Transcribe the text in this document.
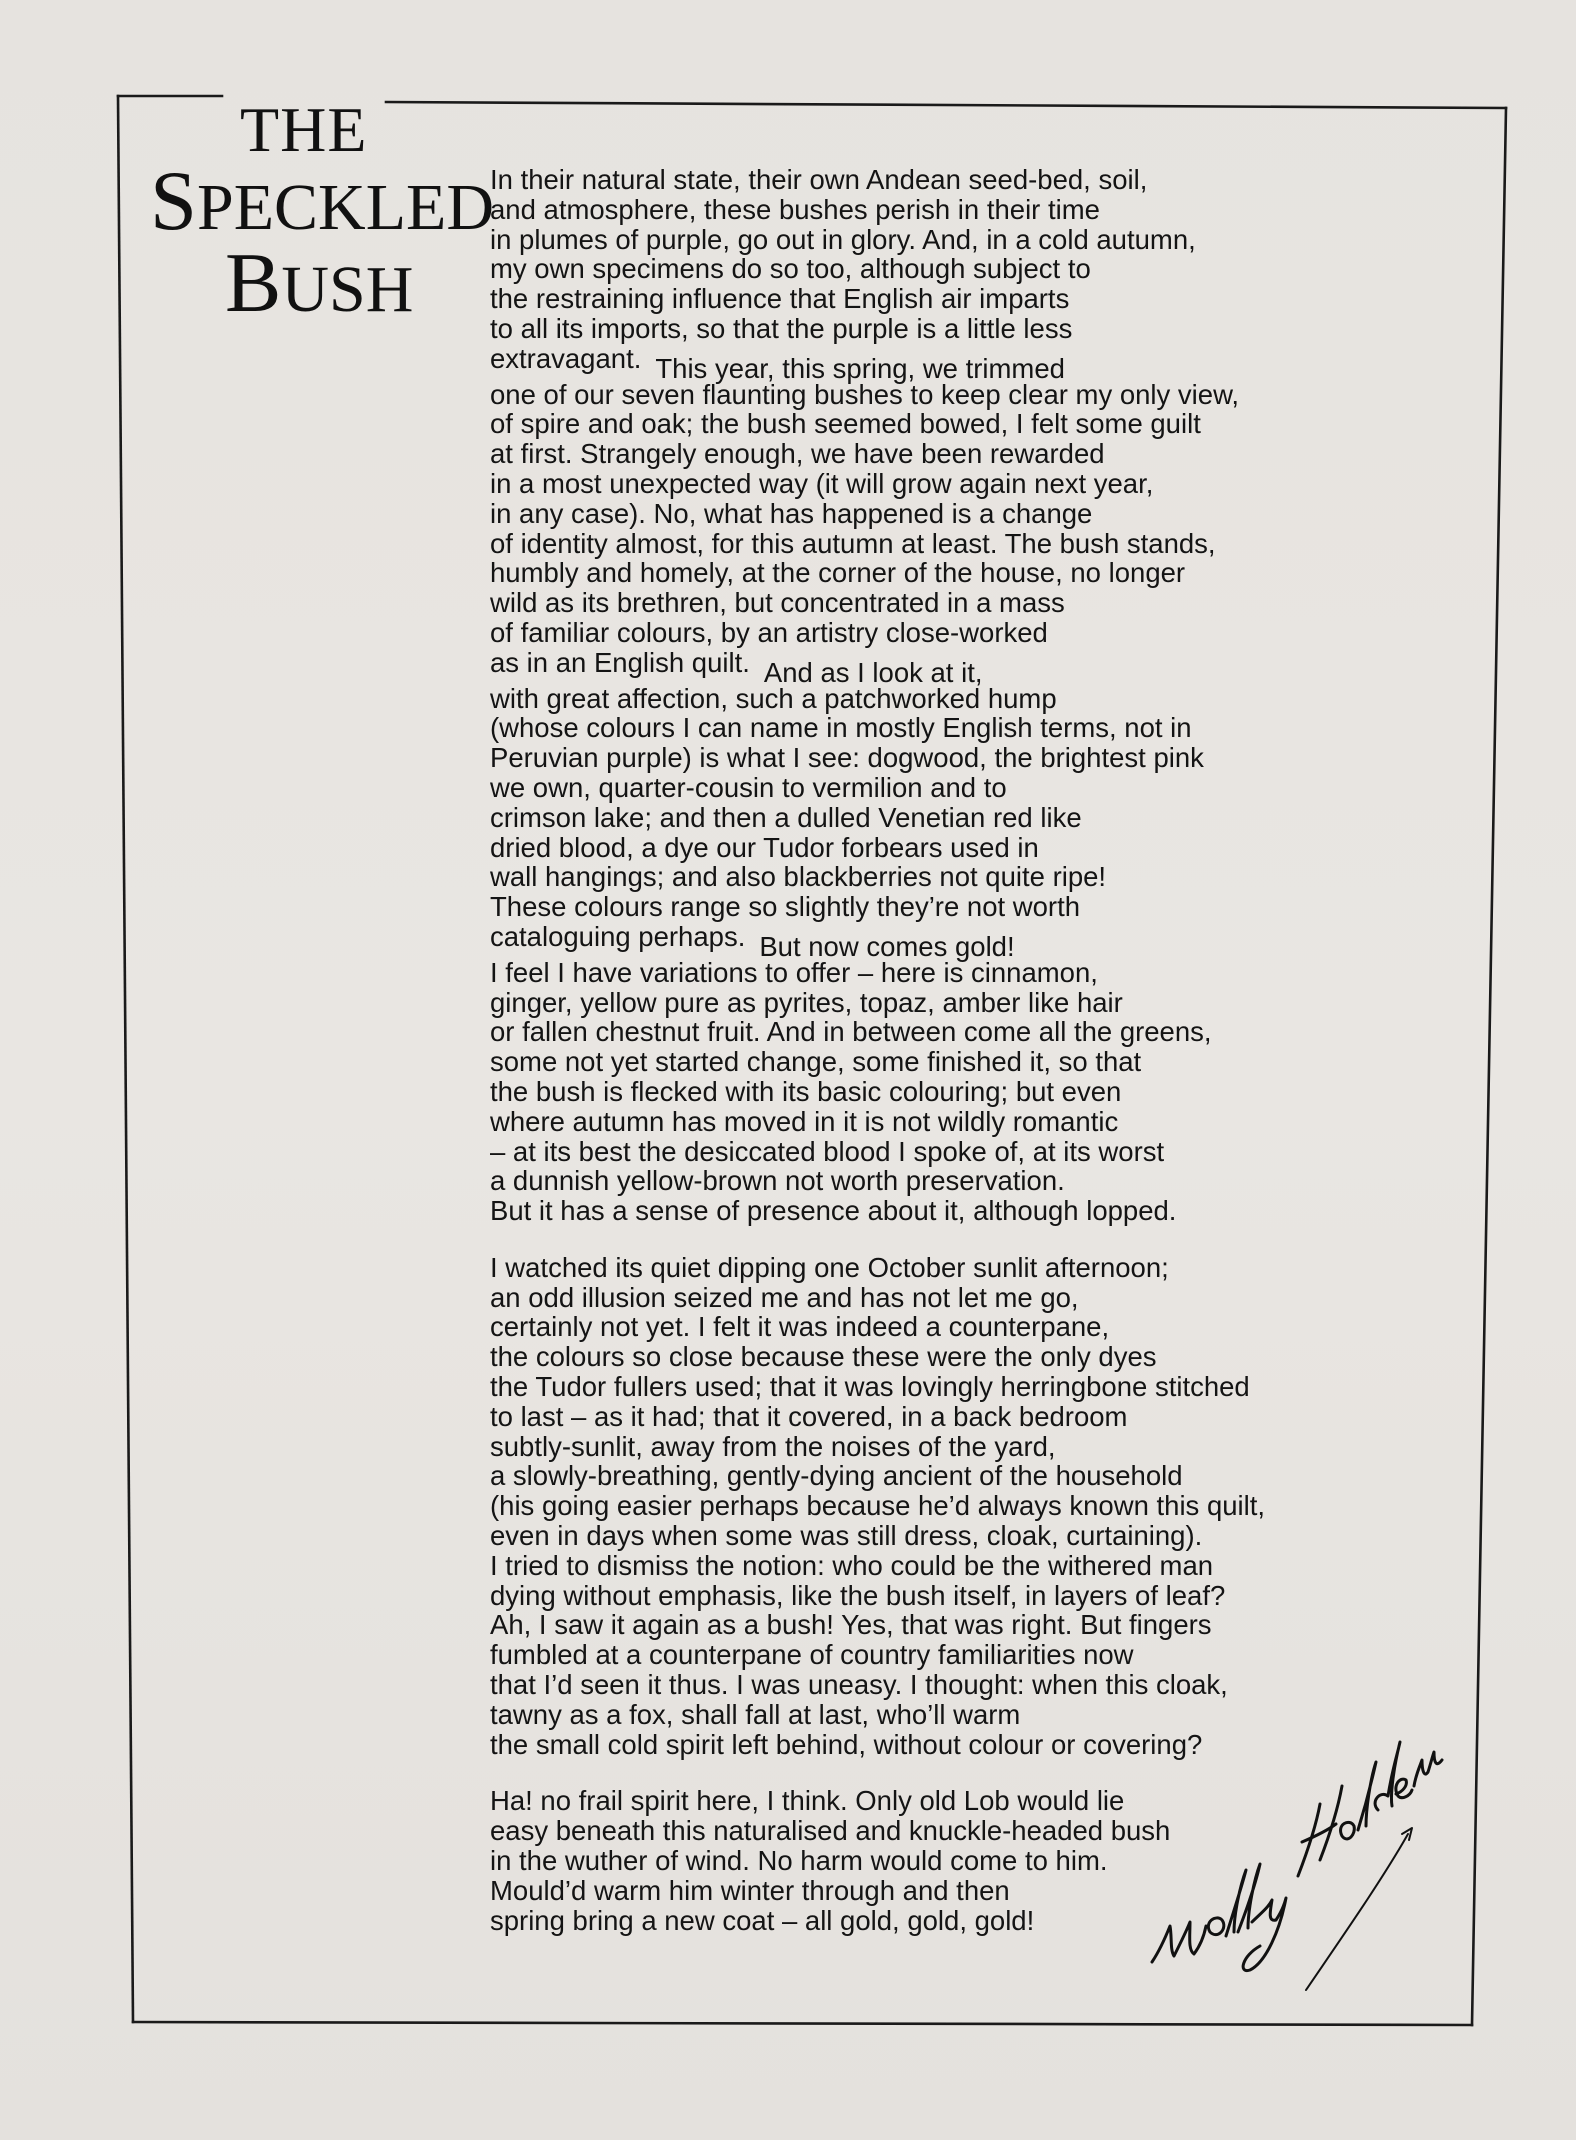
THE
SPECKLED
BUSH
In their natural state, their own Andean seed-bed, soil,
and atmosphere, these bushes perish in their time
in plumes of purple, go out in glory. And, in a cold autumn,
my own specimens do so too, although subject to
the restraining influence that English air imparts
to all its imports, so that the purple is a little less
extravagant. This year, this spring, we trimmed
one of our seven flaunting bushes to keep clear my only view,
of spire and oak; the bush seemed bowed, I felt some guilt
at first. Strangely enough, we have been rewarded
in a most unexpected way (it will grow again next year,
in any case). No, what has happened is a change
of identity almost, for this autumn at least. The bush stands,
humbly and homely, at the corner of the house, no longer
wild as its brethren, but concentrated in a mass
of familiar colours, by an artistry close-worked
as in an English quilt. And as I look at it,
with great affection, such a patchworked hump
(whose colours I can name in mostly English terms, not in
Peruvian purple) is what I see: dogwood, the brightest pink
we own, quarter-cousin to vermilion and to
crimson lake; and then a dulled Venetian red like
dried blood, a dye our Tudor forbears used in
wall hangings; and also blackberries not quite ripe!
These colours range so slightly they’re not worth
cataloguing perhaps. But now comes gold!
I feel I have variations to offer – here is cinnamon,
ginger, yellow pure as pyrites, topaz, amber like hair
or fallen chestnut fruit. And in between come all the greens,
some not yet started change, some finished it, so that
the bush is flecked with its basic colouring; but even
where autumn has moved in it is not wildly romantic
– at its best the desiccated blood I spoke of, at its worst
a dunnish yellow-brown not worth preservation.
But it has a sense of presence about it, although lopped.
I watched its quiet dipping one October sunlit afternoon;
an odd illusion seized me and has not let me go,
certainly not yet. I felt it was indeed a counterpane,
the colours so close because these were the only dyes
the Tudor fullers used; that it was lovingly herringbone stitched
to last – as it had; that it covered, in a back bedroom
subtly-sunlit, away from the noises of the yard,
a slowly-breathing, gently-dying ancient of the household
(his going easier perhaps because he’d always known this quilt,
even in days when some was still dress, cloak, curtaining).
I tried to dismiss the notion: who could be the withered man
dying without emphasis, like the bush itself, in layers of leaf?
Ah, I saw it again as a bush! Yes, that was right. But fingers
fumbled at a counterpane of country familiarities now
that I’d seen it thus. I was uneasy. I thought: when this cloak,
tawny as a fox, shall fall at last, who’ll warm
the small cold spirit left behind, without colour or covering?
Ha! no frail spirit here, I think. Only old Lob would lie
easy beneath this naturalised and knuckle-headed bush
in the wuther of wind. No harm would come to him.
Mould’d warm him winter through and then
spring bring a new coat – all gold, gold, gold!
